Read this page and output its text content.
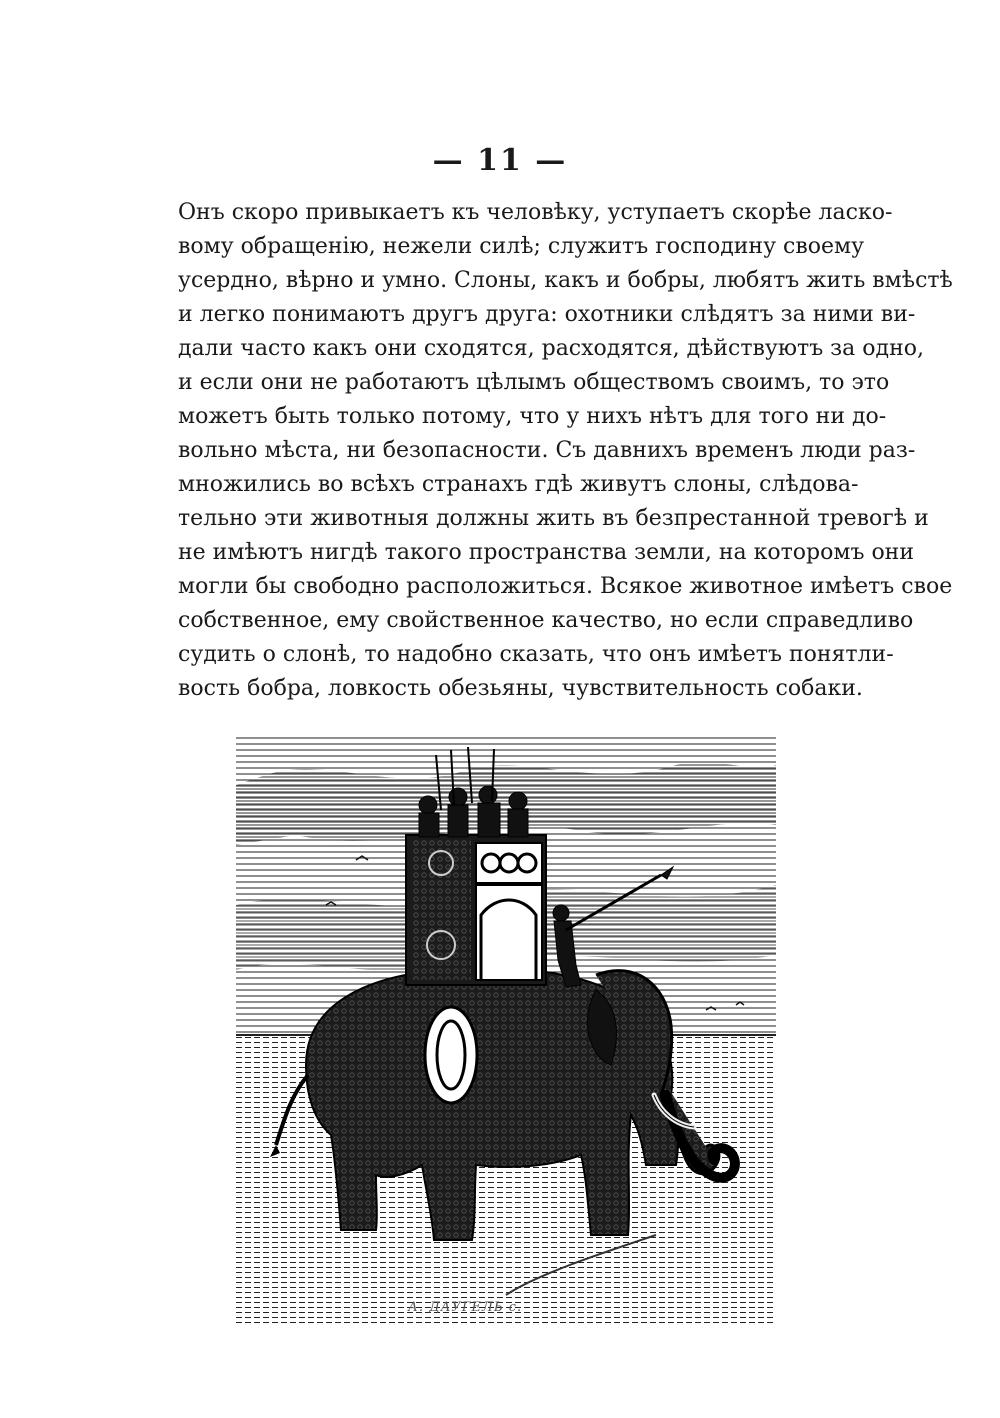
— 11 —
Онъ скоро привыкаетъ къ человѣку, уступаетъ скорѣе ласко-
вому обращенію, нежели силѣ; служитъ господину своему
усердно, вѣрно и умно. Слоны, какъ и бобры, любятъ жить вмѣстѣ
и легко понимаютъ другъ друга: охотники слѣдятъ за ними ви-
дали часто какъ они сходятся, расходятся, дѣйствуютъ за одно,
и если они не работаютъ цѣлымъ обществомъ своимъ, то это
можетъ быть только потому, что у нихъ нѣтъ для того ни до-
вольно мѣста, ни безопасности. Съ давнихъ временъ люди раз-
множились во всѣхъ странахъ гдѣ живутъ слоны, слѣдова-
тельно эти животныя должны жить въ безпрестанной тревогѣ и
не имѣютъ нигдѣ такого пространства земли, на которомъ они
могли бы свободно расположиться. Всякое животное имѣетъ свое
собственное, ему свойственное качество, но если справедливо
судить о слонѣ, то надобно сказать, что онъ имѣетъ понятли-
вость бобра, ловкость обезьяны, чувствительность собаки.
А. ДАУГЕЛЬ с.
